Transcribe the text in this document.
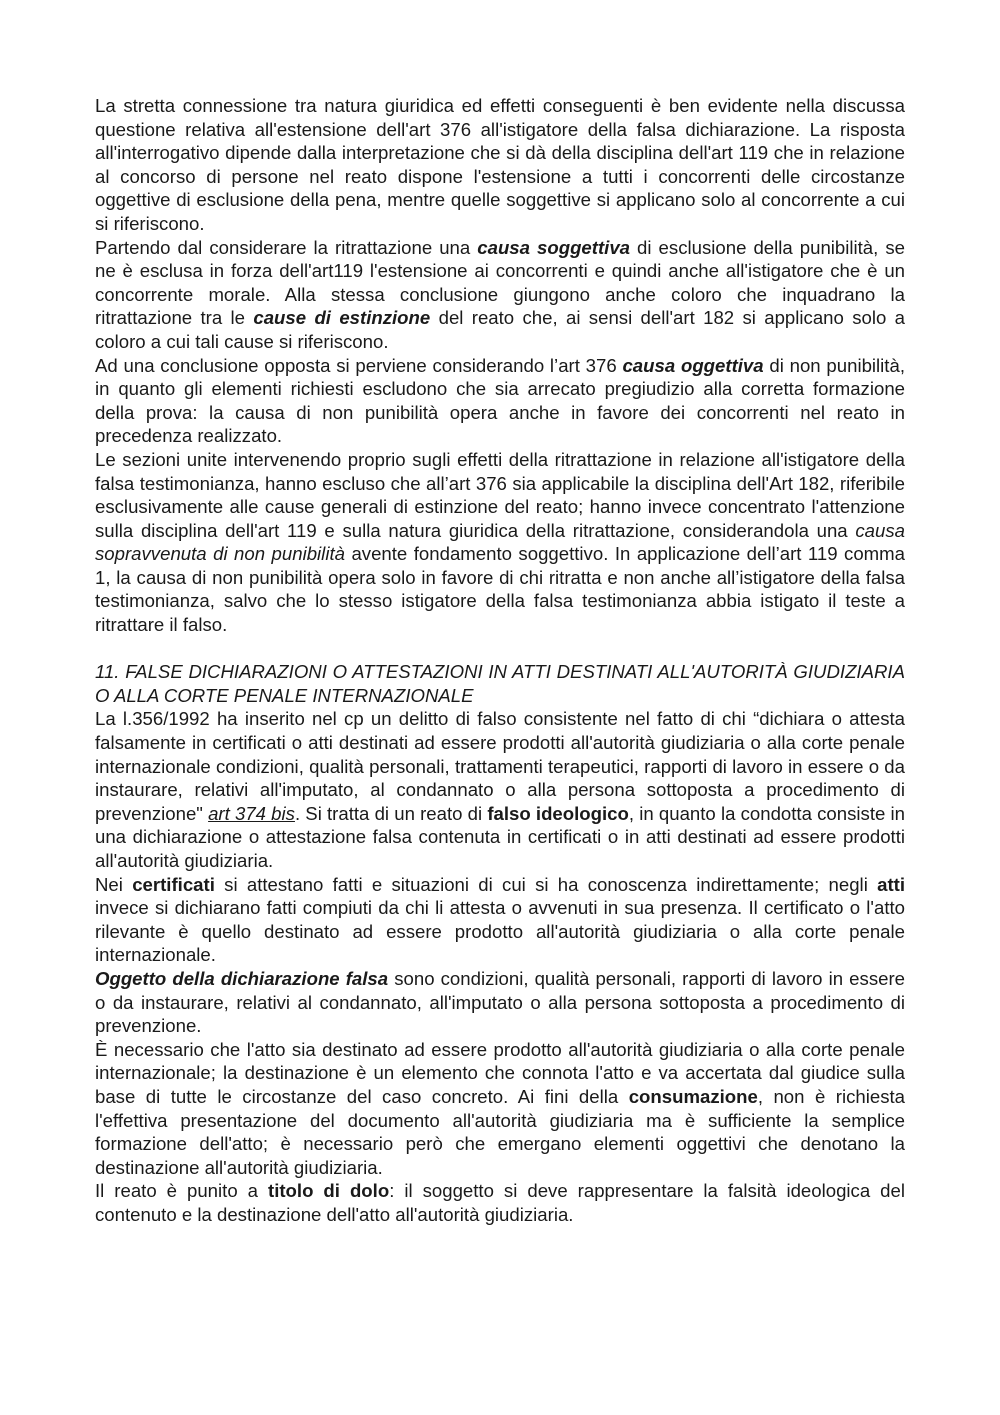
La stretta connessione tra natura giuridica ed effetti conseguenti è ben evidente nella discussa questione relativa all'estensione dell'art 376 all'istigatore della falsa dichiarazione. La risposta all'interrogativo dipende dalla interpretazione che si dà della disciplina dell'art 119 che in relazione al concorso di persone nel reato dispone l'estensione a tutti i concorrenti delle circostanze oggettive di esclusione della pena, mentre quelle soggettive si applicano solo al concorrente a cui si riferiscono.

Partendo dal considerare la ritrattazione una causa soggettiva di esclusione della punibilità, se ne è esclusa in forza dell'art119 l'estensione ai concorrenti e quindi anche all'istigatore che è un concorrente morale. Alla stessa conclusione giungono anche coloro che inquadrano la ritrattazione tra le cause di estinzione del reato che, ai sensi dell'art 182 si applicano solo a coloro a cui tali cause si riferiscono.

Ad una conclusione opposta si perviene considerando l’art 376 causa oggettiva di non punibilità, in quanto gli elementi richiesti escludono che sia arrecato pregiudizio alla corretta formazione della prova: la causa di non punibilità opera anche in favore dei concorrenti nel reato in precedenza realizzato.

Le sezioni unite intervenendo proprio sugli effetti della ritrattazione in relazione all'istigatore della falsa testimonianza, hanno escluso che all’art 376 sia applicabile la disciplina dell'Art 182, riferibile esclusivamente alle cause generali di estinzione del reato; hanno invece concentrato l'attenzione sulla disciplina dell'art 119 e sulla natura giuridica della ritrattazione, considerandola una causa sopravvenuta di non punibilità avente fondamento soggettivo. In applicazione dell’art 119 comma 1, la causa di non punibilità opera solo in favore di chi ritratta e non anche all’istigatore della falsa testimonianza, salvo che lo stesso istigatore della falsa testimonianza abbia istigato il teste a ritrattare il falso.

11. FALSE DICHIARAZIONI O ATTESTAZIONI IN ATTI DESTINATI ALL'AUTORITÀ GIUDIZIARIA O ALLA CORTE PENALE INTERNAZIONALE

La l.356/1992 ha inserito nel cp un delitto di falso consistente nel fatto di chi “dichiara o attesta falsamente in certificati o atti destinati ad essere prodotti all'autorità giudiziaria o alla corte penale internazionale condizioni, qualità personali, trattamenti terapeutici, rapporti di lavoro in essere o da instaurare, relativi all'imputato, al condannato o alla persona sottoposta a procedimento di prevenzione" art 374 bis. Si tratta di un reato di falso ideologico, in quanto la condotta consiste in una dichiarazione o attestazione falsa contenuta in certificati o in atti destinati ad essere prodotti all'autorità giudiziaria.

Nei certificati si attestano fatti e situazioni di cui si ha conoscenza indirettamente; negli atti invece si dichiarano fatti compiuti da chi li attesta o avvenuti in sua presenza. Il certificato o l'atto rilevante è quello destinato ad essere prodotto all'autorità giudiziaria o alla corte penale internazionale.

Oggetto della dichiarazione falsa sono condizioni, qualità personali, rapporti di lavoro in essere o da instaurare, relativi al condannato, all'imputato o alla persona sottoposta a procedimento di prevenzione.

È necessario che l'atto sia destinato ad essere prodotto all'autorità giudiziaria o alla corte penale internazionale; la destinazione è un elemento che connota l'atto e va accertata dal giudice sulla base di tutte le circostanze del caso concreto. Ai fini della consumazione, non è richiesta l'effettiva presentazione del documento all'autorità giudiziaria ma è sufficiente la semplice formazione dell'atto; è necessario però che emergano elementi oggettivi che denotano la destinazione all'autorità giudiziaria.

Il reato è punito a titolo di dolo: il soggetto si deve rappresentare la falsità ideologica del contenuto e la destinazione dell'atto all'autorità giudiziaria.
